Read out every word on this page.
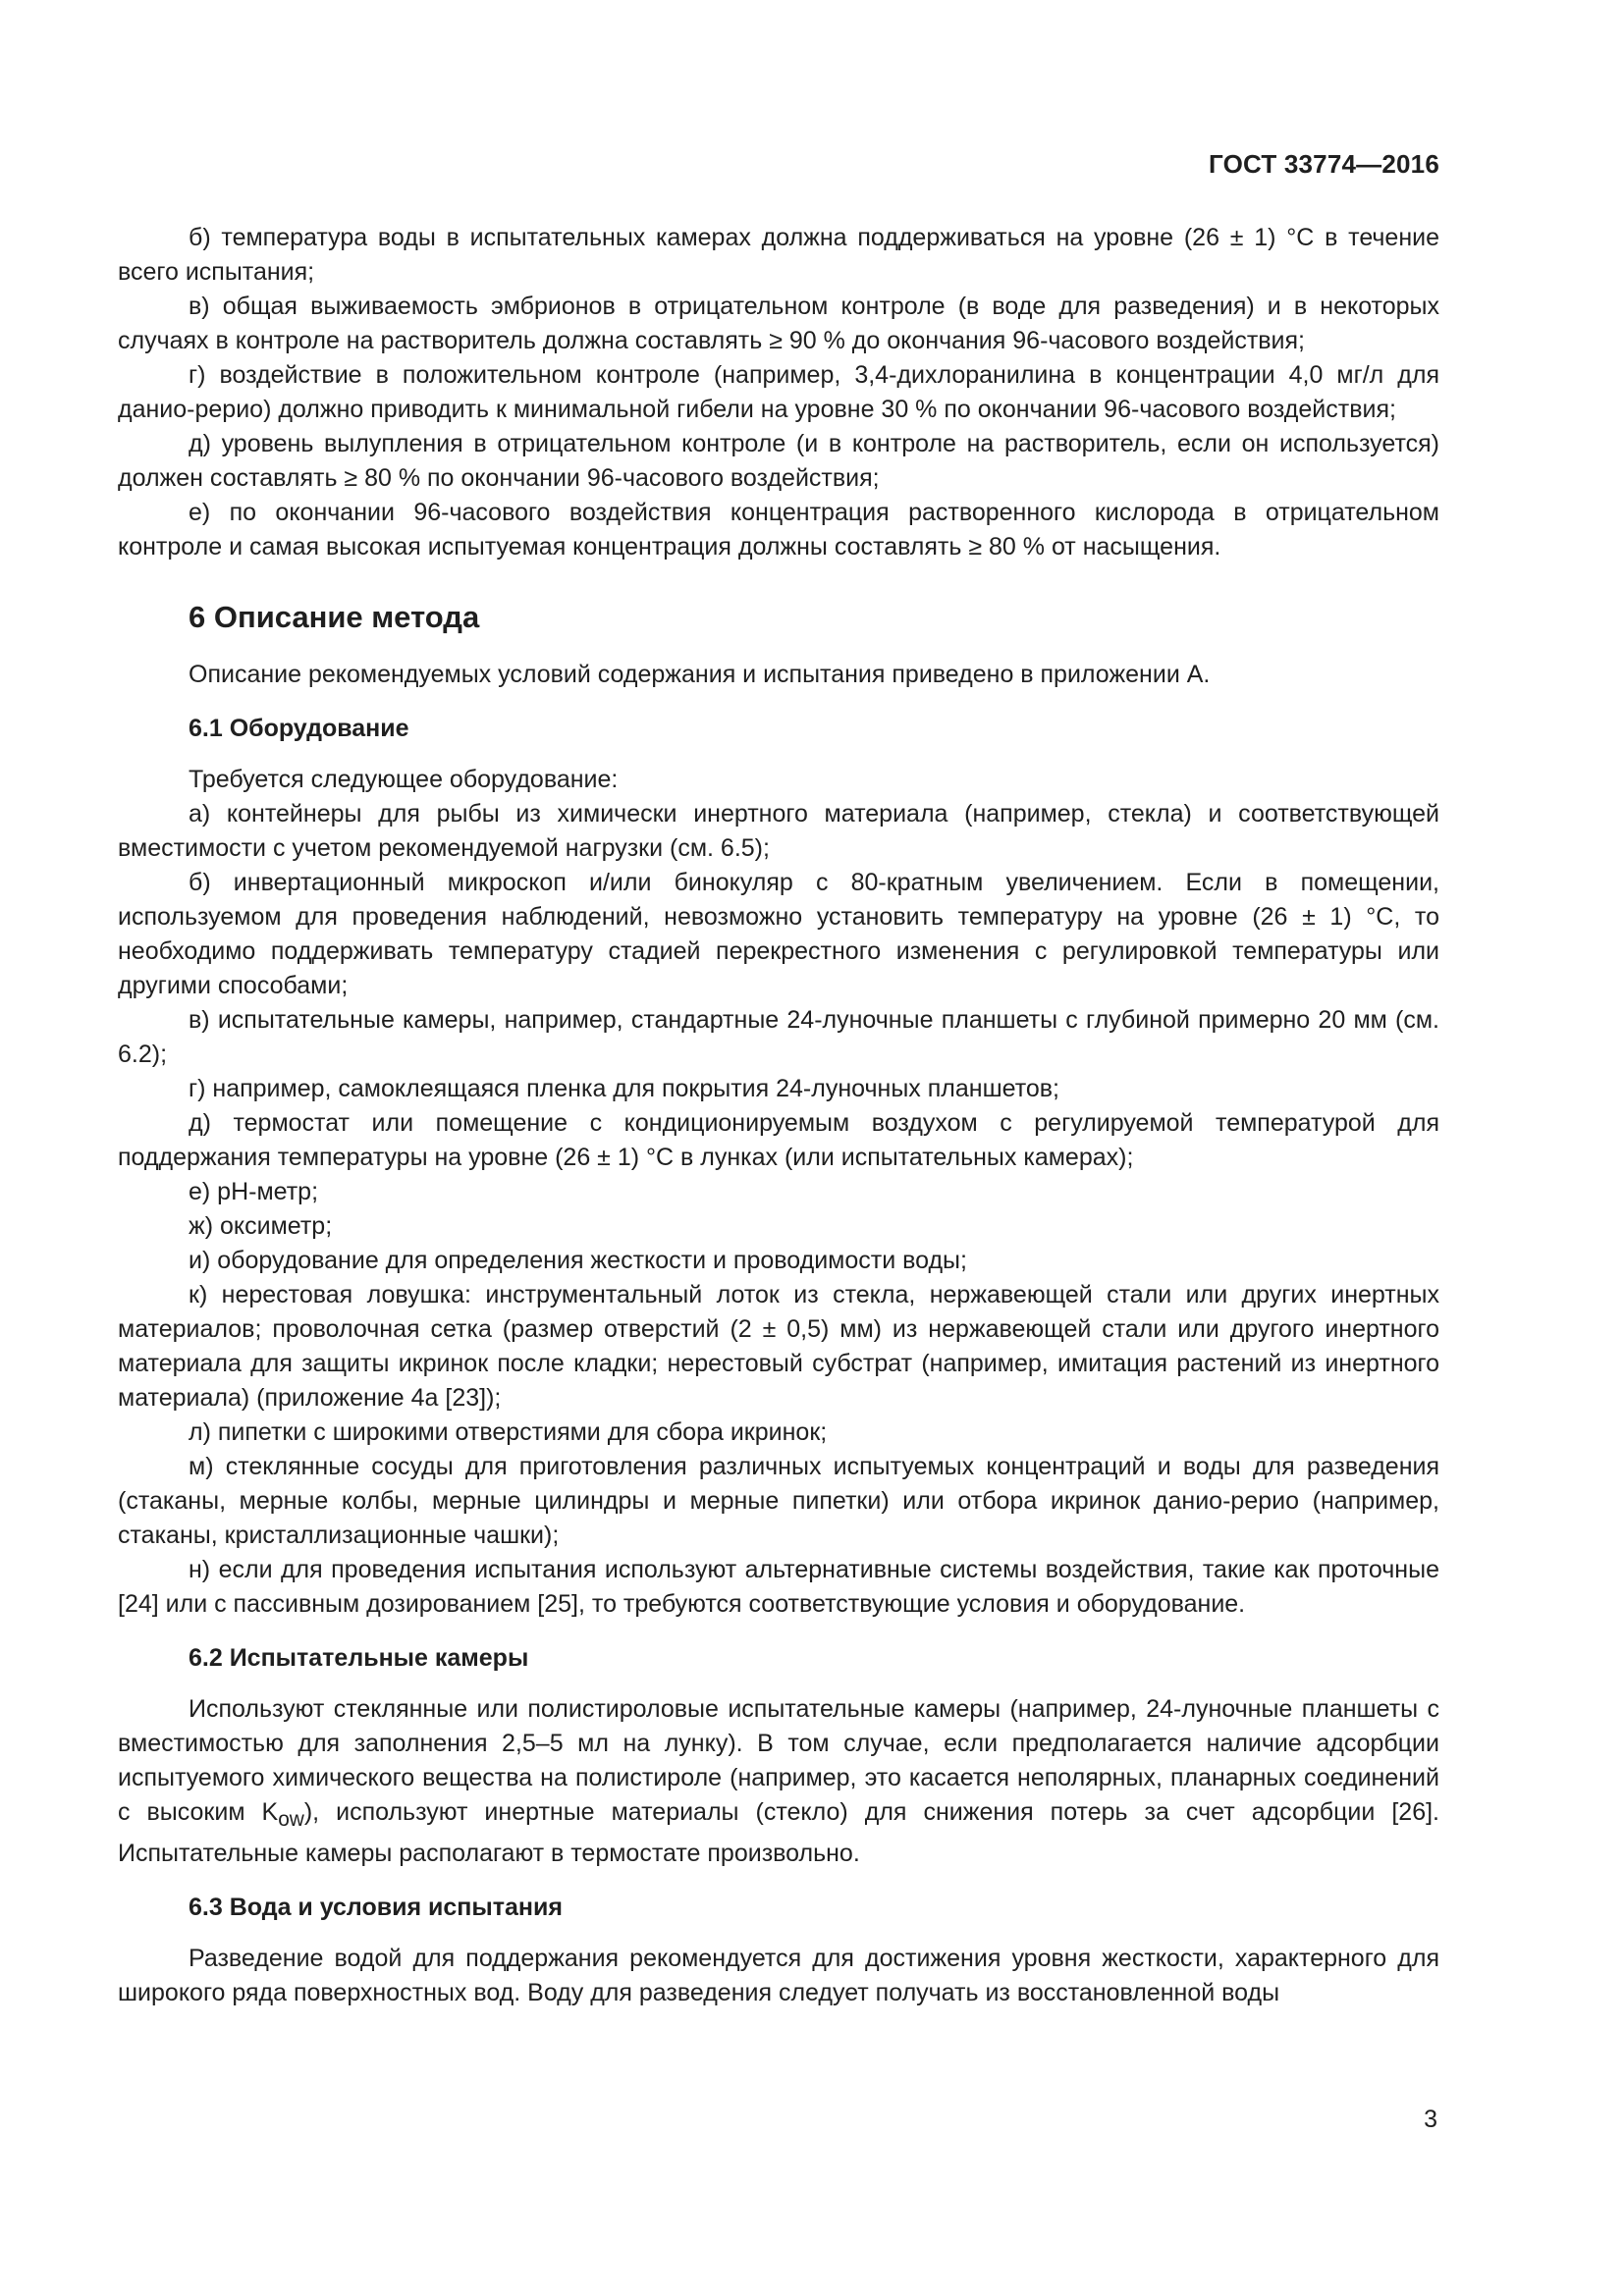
ГОСТ 33774—2016

б) температура воды в испытательных камерах должна поддерживаться на уровне (26 ± 1) °C в течение всего испытания;

в) общая выживаемость эмбрионов в отрицательном контроле (в воде для разведения) и в некоторых случаях в контроле на растворитель должна составлять ≥ 90 % до окончания 96-часового воздействия;

г) воздействие в положительном контроле (например, 3,4-дихлоранилина в концентрации 4,0 мг/л для данио-рерио) должно приводить к минимальной гибели на уровне 30 % по окончании 96-часового воздействия;

д) уровень вылупления в отрицательном контроле (и в контроле на растворитель, если он используется) должен составлять ≥ 80 % по окончании 96-часового воздействия;

е) по окончании 96-часового воздействия концентрация растворенного кислорода в отрицательном контроле и самая высокая испытуемая концентрация должны составлять ≥ 80 % от насыщения.

6 Описание метода

Описание рекомендуемых условий содержания и испытания приведено в приложении А.

6.1 Оборудование

Требуется следующее оборудование:

а) контейнеры для рыбы из химически инертного материала (например, стекла) и соответствующей вместимости с учетом рекомендуемой нагрузки (см. 6.5);

б) инвертационный микроскоп и/или бинокуляр с 80-кратным увеличением. Если в помещении, используемом для проведения наблюдений, невозможно установить температуру на уровне (26 ± 1) °C, то необходимо поддерживать температуру стадией перекрестного изменения с регулировкой температуры или другими способами;

в) испытательные камеры, например, стандартные 24-луночные планшеты с глубиной примерно 20 мм (см. 6.2);

г) например, самоклеящаяся пленка для покрытия 24-луночных планшетов;

д) термостат или помещение с кондиционируемым воздухом с регулируемой температурой для поддержания температуры на уровне (26 ± 1) °C в лунках (или испытательных камерах);

е) pH-метр;

ж) оксиметр;

и) оборудование для определения жесткости и проводимости воды;

к) нерестовая ловушка: инструментальный лоток из стекла, нержавеющей стали или других инертных материалов; проволочная сетка (размер отверстий (2 ± 0,5) мм) из нержавеющей стали или другого инертного материала для защиты икринок после кладки; нерестовый субстрат (например, имитация растений из инертного материала) (приложение 4а [23]);

л) пипетки с широкими отверстиями для сбора икринок;

м) стеклянные сосуды для приготовления различных испытуемых концентраций и воды для разведения (стаканы, мерные колбы, мерные цилиндры и мерные пипетки) или отбора икринок данио-рерио (например, стаканы, кристаллизационные чашки);

н) если для проведения испытания используют альтернативные системы воздействия, такие как проточные [24] или с пассивным дозированием [25], то требуются соответствующие условия и оборудование.

6.2 Испытательные камеры

Используют стеклянные или полистироловые испытательные камеры (например, 24-луночные планшеты с вместимостью для заполнения 2,5–5 мл на лунку). В том случае, если предполагается наличие адсорбции испытуемого химического вещества на полистироле (например, это касается неполярных, планарных соединений с высоким $K_{ow}$), используют инертные материалы (стекло) для снижения потерь за счет адсорбции [26]. Испытательные камеры располагают в термостате произвольно.

6.3 Вода и условия испытания

Разведение водой для поддержания рекомендуется для достижения уровня жесткости, характерного для широкого ряда поверхностных вод. Воду для разведения следует получать из восстановленной воды

3
